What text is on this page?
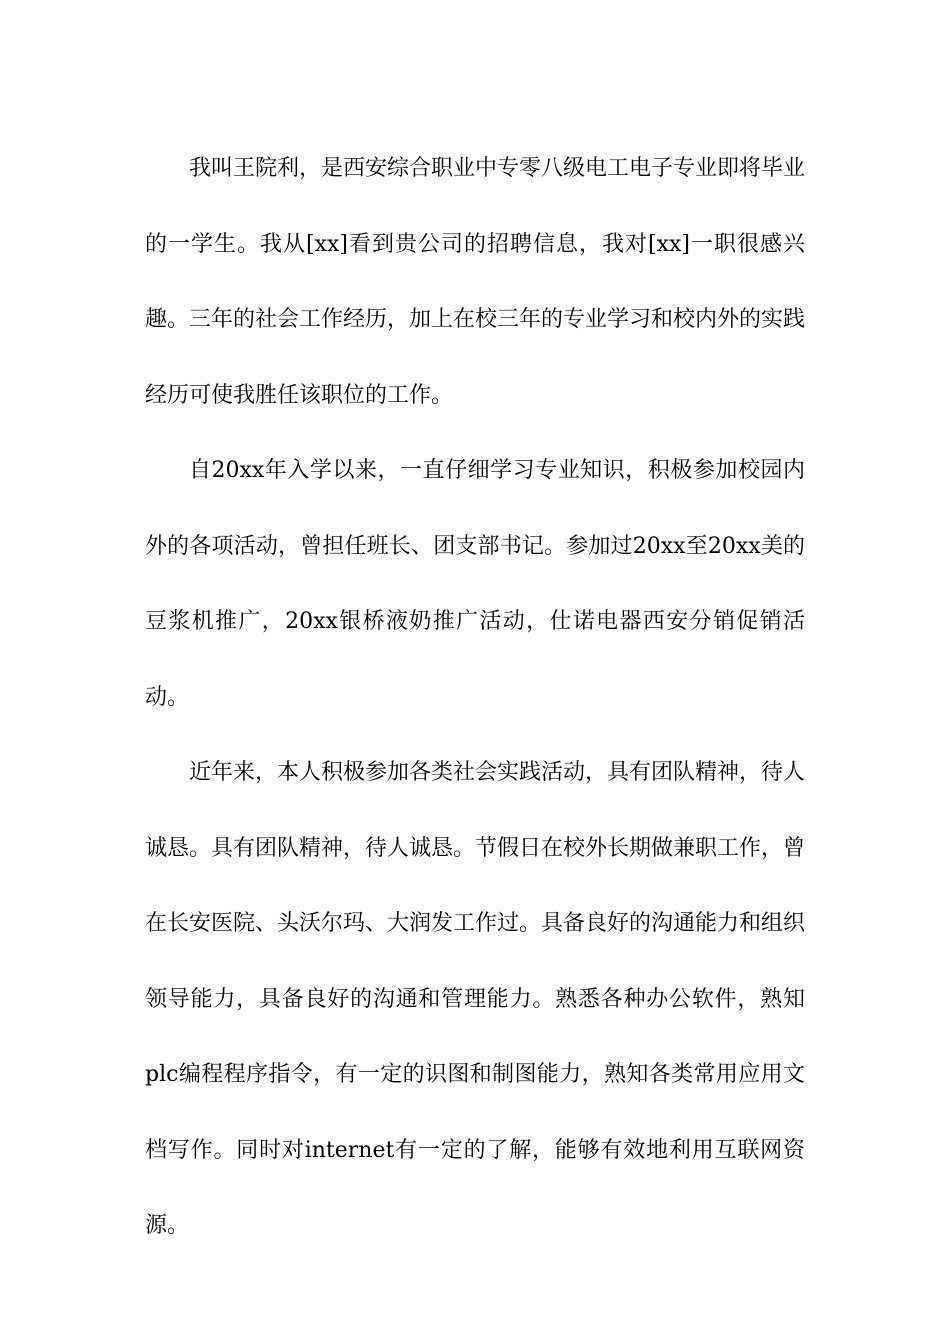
我叫王院利，是西安综合职业中专零八级电工电子专业即将毕业的一学生。我从[xx]看到贵公司的招聘信息，我对[xx]一职很感兴趣。三年的社会工作经历，加上在校三年的专业学习和校内外的实践经历可使我胜任该职位的工作。

自20xx年入学以来，一直仔细学习专业知识，积极参加校园内外的各项活动，曾担任班长、团支部书记。参加过20xx至20xx美的豆浆机推广，20xx银桥液奶推广活动，仕诺电器西安分销促销活动。

近年来，本人积极参加各类社会实践活动，具有团队精神，待人诚恳。具有团队精神，待人诚恳。节假日在校外长期做兼职工作，曾在长安医院、头沃尔玛、大润发工作过。具备良好的沟通能力和组织领导能力，具备良好的沟通和管理能力。熟悉各种办公软件，熟知plc编程程序指令，有一定的识图和制图能力，熟知各类常用应用文档写作。同时对internet有一定的了解，能够有效地利用互联网资源。
